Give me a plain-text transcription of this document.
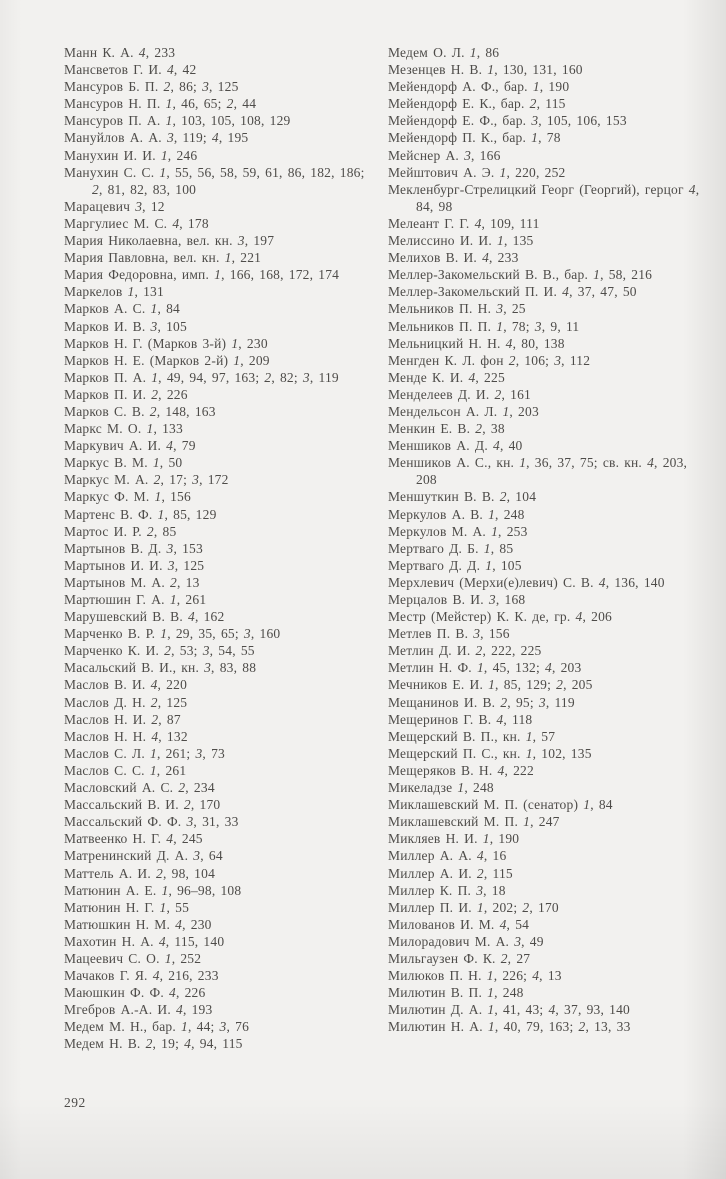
Манн К. А. 4, 233
Мансветов Г. И. 4, 42
Мансуров Б. П. 2, 86; 3, 125
Мансуров Н. П. 1, 46, 65; 2, 44
Мансуров П. А. 1, 103, 105, 108, 129
Мануйлов А. А. 3, 119; 4, 195
Манухин И. И. 1, 246
Манухин С. С. 1, 55, 56, 58, 59, 61, 86, 182, 186; 2, 81, 82, 83, 100
Марацевич 3, 12
Маргулиес М. С. 4, 178
Мария Николаевна, вел. кн. 3, 197
Мария Павловна, вел. кн. 1, 221
Мария Федоровна, имп. 1, 166, 168, 172, 174
Маркелов 1, 131
Марков А. С. 1, 84
Марков И. В. 3, 105
Марков Н. Г. (Марков 3-й) 1, 230
Марков Н. Е. (Марков 2-й) 1, 209
Марков П. А. 1, 49, 94, 97, 163; 2, 82; 3, 119
Марков П. И. 2, 226
Марков С. В. 2, 148, 163
Маркс М. О. 1, 133
Маркувич А. И. 4, 79
Маркус В. М. 1, 50
Маркус М. А. 2, 17; 3, 172
Маркус Ф. М. 1, 156
Мартенс В. Ф. 1, 85, 129
Мартос И. Р. 2, 85
Мартынов В. Д. 3, 153
Мартынов И. И. 3, 125
Мартынов М. А. 2, 13
Мартюшин Г. А. 1, 261
Марушевский В. В. 4, 162
Марченко В. Р. 1, 29, 35, 65; 3, 160
Марченко К. И. 2, 53; 3, 54, 55
Масальский В. И., кн. 3, 83, 88
Маслов В. И. 4, 220
Маслов Д. Н. 2, 125
Маслов Н. И. 2, 87
Маслов Н. Н. 4, 132
Маслов С. Л. 1, 261; 3, 73
Маслов С. С. 1, 261
Масловский А. С. 2, 234
Массальский В. И. 2, 170
Массальский Ф. Ф. 3, 31, 33
Матвеенко Н. Г. 4, 245
Матренинский Д. А. 3, 64
Маттель А. И. 2, 98, 104
Матюнин А. Е. 1, 96–98, 108
Матюнин Н. Г. 1, 55
Матюшкин Н. М. 4, 230
Махотин Н. А. 4, 115, 140
Мацеевич С. О. 1, 252
Мачаков Г. Я. 4, 216, 233
Маюшкин Ф. Ф. 4, 226
Мгебров А.-А. И. 4, 193
Медем М. Н., бар. 1, 44; 3, 76
Медем Н. В. 2, 19; 4, 94, 115
Медем О. Л. 1, 86
Мезенцев Н. В. 1, 130, 131, 160
Мейендорф А. Ф., бар. 1, 190
Мейендорф Е. К., бар. 2, 115
Мейендорф Е. Ф., бар. 3, 105, 106, 153
Мейендорф П. К., бар. 1, 78
Мейснер А. 3, 166
Мейштович А. Э. 1, 220, 252
Мекленбург-Стрелицкий Георг (Георгий), герцог 4, 84, 98
Мелеант Г. Г. 4, 109, 111
Мелиссино И. И. 1, 135
Мелихов В. И. 4, 233
Меллер-Закомельский В. В., бар. 1, 58, 216
Меллер-Закомельский П. И. 4, 37, 47, 50
Мельников П. Н. 3, 25
Мельников П. П. 1, 78; 3, 9, 11
Мельницкий Н. Н. 4, 80, 138
Менгден К. Л. фон 2, 106; 3, 112
Менде К. И. 4, 225
Менделеев Д. И. 2, 161
Мендельсон А. Л. 1, 203
Менкин Е. В. 2, 38
Меншиков А. Д. 4, 40
Меншиков А. С., кн. 1, 36, 37, 75; св. кн. 4, 203, 208
Меншуткин В. В. 2, 104
Меркулов А. В. 1, 248
Меркулов М. А. 1, 253
Мертваго Д. Б. 1, 85
Мертваго Д. Д. 1, 105
Мерхлевич (Мерхи(е)левич) С. В. 4, 136, 140
Мерцалов В. И. 3, 168
Местр (Мейстер) К. К. де, гр. 4, 206
Метлев П. В. 3, 156
Метлин Д. И. 2, 222, 225
Метлин Н. Ф. 1, 45, 132; 4, 203
Мечников Е. И. 1, 85, 129; 2, 205
Мещанинов И. В. 2, 95; 3, 119
Мещеринов Г. В. 4, 118
Мещерский В. П., кн. 1, 57
Мещерский П. С., кн. 1, 102, 135
Мещеряков В. Н. 4, 222
Микеладзе 1, 248
Миклашевский М. П. (сенатор) 1, 84
Миклашевский М. П. 1, 247
Микляев Н. И. 1, 190
Миллер А. А. 4, 16
Миллер А. И. 2, 115
Миллер К. П. 3, 18
Миллер П. И. 1, 202; 2, 170
Милованов И. М. 4, 54
Милорадович М. А. 3, 49
Мильгаузен Ф. К. 2, 27
Милюков П. Н. 1, 226; 4, 13
Милютин В. П. 1, 248
Милютин Д. А. 1, 41, 43; 4, 37, 93, 140
Милютин Н. А. 1, 40, 79, 163; 2, 13, 33
292
